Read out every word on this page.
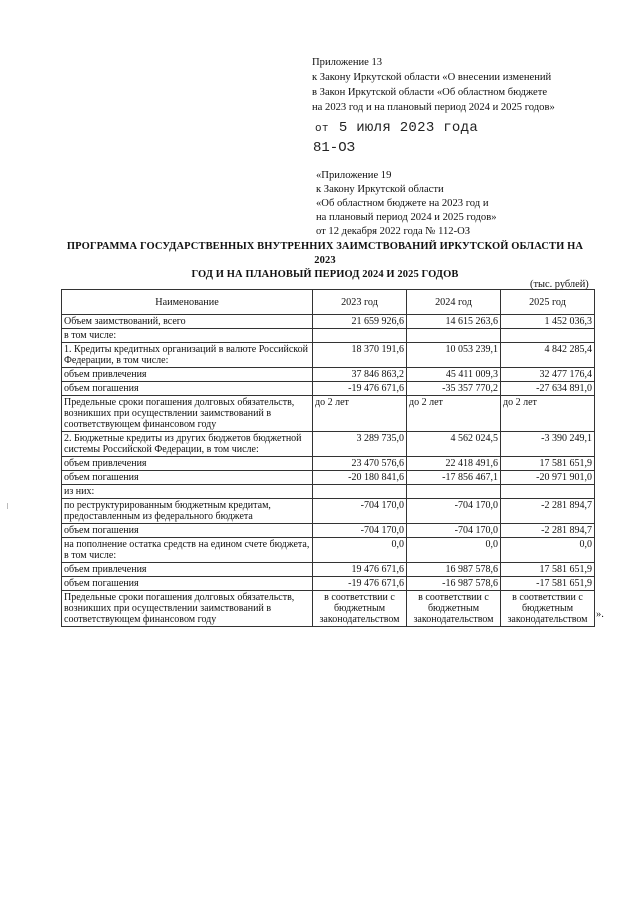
Приложение 13
к Закону Иркутской области «О внесении изменений
в Закон Иркутской области «Об областном бюджете
на 2023 год и на плановый период 2024 и 2025 годов»
от 5 июля 2023 года
81-ОЗ
«Приложение 19
к Закону Иркутской области
«Об областном бюджете на 2023 год и
на плановый период 2024 и 2025 годов»
от 12 декабря 2022 года № 112-ОЗ
ПРОГРАММА ГОСУДАРСТВЕННЫХ ВНУТРЕННИХ ЗАИМСТВОВАНИЙ ИРКУТСКОЙ ОБЛАСТИ НА 2023
ГОД И НА ПЛАНОВЫЙ ПЕРИОД 2024 И 2025 ГОДОВ
(тыс. рублей)
Наименование	2023 год	2024 год	2025 год
Объем заимствований, всего	21 659 926,6	14 615 263,6	1 452 036,3
в том числе:			
1. Кредиты кредитных организаций в валюте Российской Федерации, в том числе:	18 370 191,6	10 053 239,1	4 842 285,4
объем привлечения	37 846 863,2	45 411 009,3	32 477 176,4
объем погашения	-19 476 671,6	-35 357 770,2	-27 634 891,0
Предельные сроки погашения долговых обязательств, возникших при осуществлении заимствований в соответствующем финансовом году	до 2 лет	до 2 лет	до 2 лет
2. Бюджетные кредиты из других бюджетов бюджетной системы Российской Федерации, в том числе:	3 289 735,0	4 562 024,5	-3 390 249,1
объем привлечения	23 470 576,6	22 418 491,6	17 581 651,9
объем погашения	-20 180 841,6	-17 856 467,1	-20 971 901,0
из них:			
по реструктурированным бюджетным кредитам, предоставленным из федерального бюджета	-704 170,0	-704 170,0	-2 281 894,7
объем погашения	-704 170,0	-704 170,0	-2 281 894,7
на пополнение остатка средств на едином счете бюджета, в том числе:	0,0	0,0	0,0
объем привлечения	19 476 671,6	16 987 578,6	17 581 651,9
объем погашения	-19 476 671,6	-16 987 578,6	-17 581 651,9
Предельные сроки погашения долговых обязательств, возникших при осуществлении заимствований в соответствующем финансовом году	в соответствии с бюджетным законодательством	в соответствии с бюджетным законодательством	в соответствии с бюджетным законодательством ».
